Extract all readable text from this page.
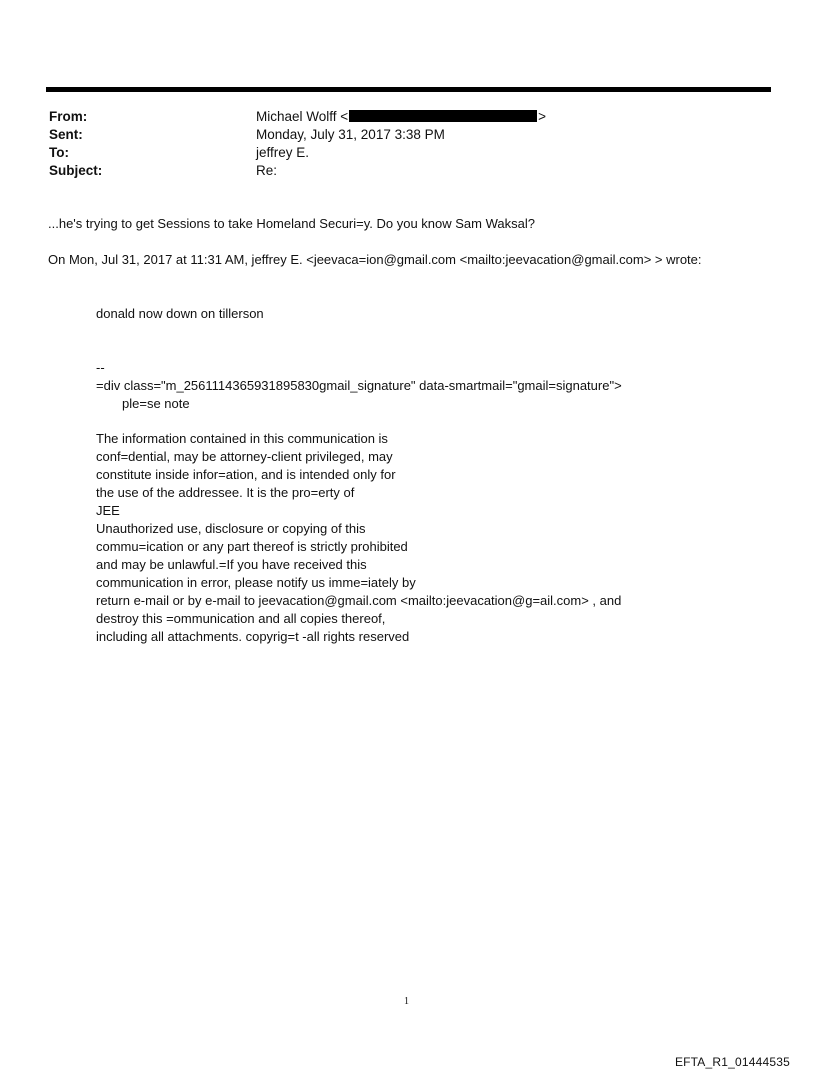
From:	Michael Wolff <	>
Sent:	Monday, July 31, 2017 3:38 PM
To:	jeffrey E.
Subject:	Re:
...he's trying to get Sessions to take Homeland Securi=y. Do you know Sam Waksal?
On Mon, Jul 31, 2017 at 11:31 AM, jeffrey E. <jeevaca=ion@gmail.com <mailto:jeevacation@gmail.com> > wrote:
donald now down on tillerson
--
=div class="m_2561114365931895830gmail_signature" data-smartmail="gmail=signature">
ple=se note
The information contained in this communication is
conf=dential, may be attorney-client privileged, may
constitute inside infor=ation, and is intended only for
the use of the addressee. It is the pro=erty of
JEE
Unauthorized use, disclosure or copying of this
commu=ication or any part thereof is strictly prohibited
and may be unlawful.=If you have received this
communication in error, please notify us imme=iately by
return e-mail or by e-mail to jeevacation@gmail.com <mailto:jeevacation@g=ail.com> , and
destroy this =ommunication and all copies thereof,
including all attachments. copyrig=t -all rights reserved
1
EFTA_R1_01444535
